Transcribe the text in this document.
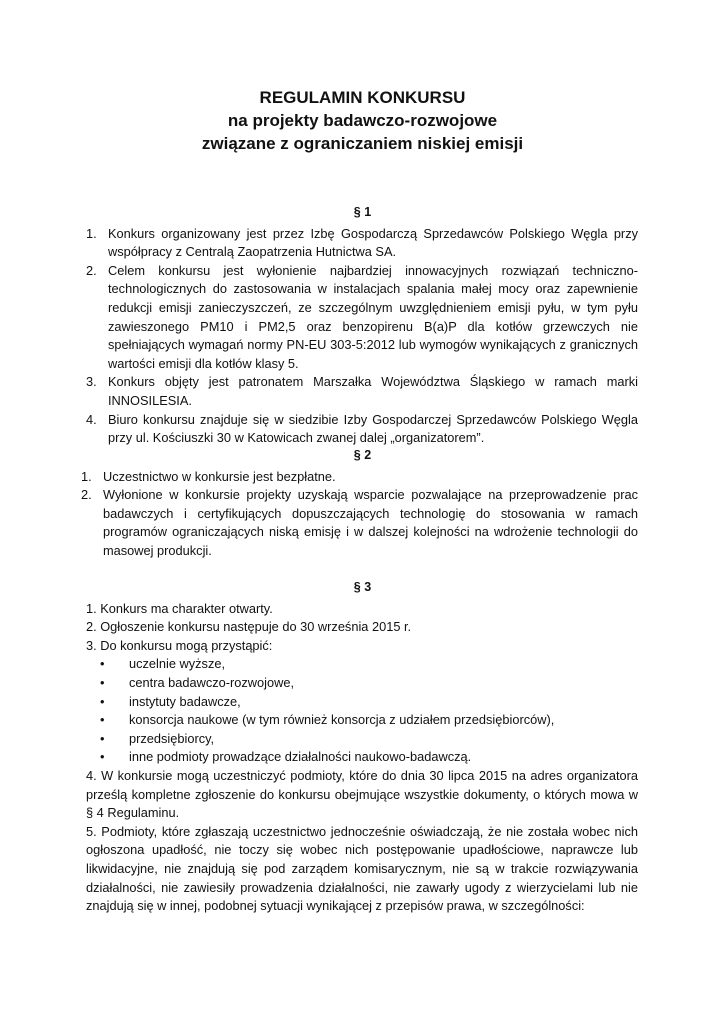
REGULAMIN KONKURSU
na projekty badawczo-rozwojowe
związane z ograniczaniem niskiej emisji
§ 1
1. Konkurs organizowany jest przez Izbę Gospodarczą Sprzedawców Polskiego Węgla przy współpracy z Centralą Zaopatrzenia Hutnictwa SA.
2. Celem konkursu jest wyłonienie najbardziej innowacyjnych rozwiązań techniczno-technologicznych do zastosowania w instalacjach spalania małej mocy oraz zapewnienie redukcji emisji zanieczyszczeń, ze szczególnym uwzględnieniem emisji pyłu, w tym pyłu zawieszonego PM10 i PM2,5 oraz benzopirenu B(a)P dla kotłów grzewczych nie spełniających wymagań normy PN-EU 303-5:2012 lub wymogów wynikających z granicznych wartości emisji dla kotłów klasy 5.
3. Konkurs objęty jest patronatem Marszałka Województwa Śląskiego w ramach marki INNOSILESIA.
4. Biuro konkursu znajduje się w siedzibie Izby Gospodarczej Sprzedawców Polskiego Węgla przy ul. Kościuszki 30 w Katowicach zwanej dalej „organizatorem”.
§ 2
1. Uczestnictwo w konkursie jest bezpłatne.
2. Wyłonione w konkursie projekty uzyskają wsparcie pozwalające na przeprowadzenie prac badawczych i certyfikujących dopuszczających technologię do stosowania w ramach programów ograniczających niską emisję i w dalszej kolejności na wdrożenie technologii do masowej produkcji.
§ 3

1. Konkurs ma charakter otwarty.

2. Ogłoszenie konkursu następuje do 30 września 2015 r.

3. Do konkursu mogą przystąpić:

• uczelnie wyższe,
• centra badawczo-rozwojowe,
• instytuty badawcze,
• konsorcja naukowe (w tym również konsorcja z udziałem przedsiębiorców),
• przedsiębiorcy,
• inne podmioty prowadzące działalności naukowo-badawczą.

4. W konkursie mogą uczestniczyć podmioty, które do dnia 30 lipca 2015 na adres organizatora prześlą kompletne zgłoszenie do konkursu obejmujące wszystkie dokumenty, o których mowa w § 4 Regulaminu.

5. Podmioty, które zgłaszają uczestnictwo jednocześnie oświadczają, że nie została wobec nich ogłoszona upadłość, nie toczy się wobec nich postępowanie upadłościowe, naprawcze lub likwidacyjne, nie znajdują się pod zarządem komisarycznym, nie są w trakcie rozwiązywania działalności, nie zawiesiły prowadzenia działalności, nie zawarły ugody z wierzycielami lub nie znajdują się w innej, podobnej sytuacji wynikającej z przepisów prawa, w szczególności:
